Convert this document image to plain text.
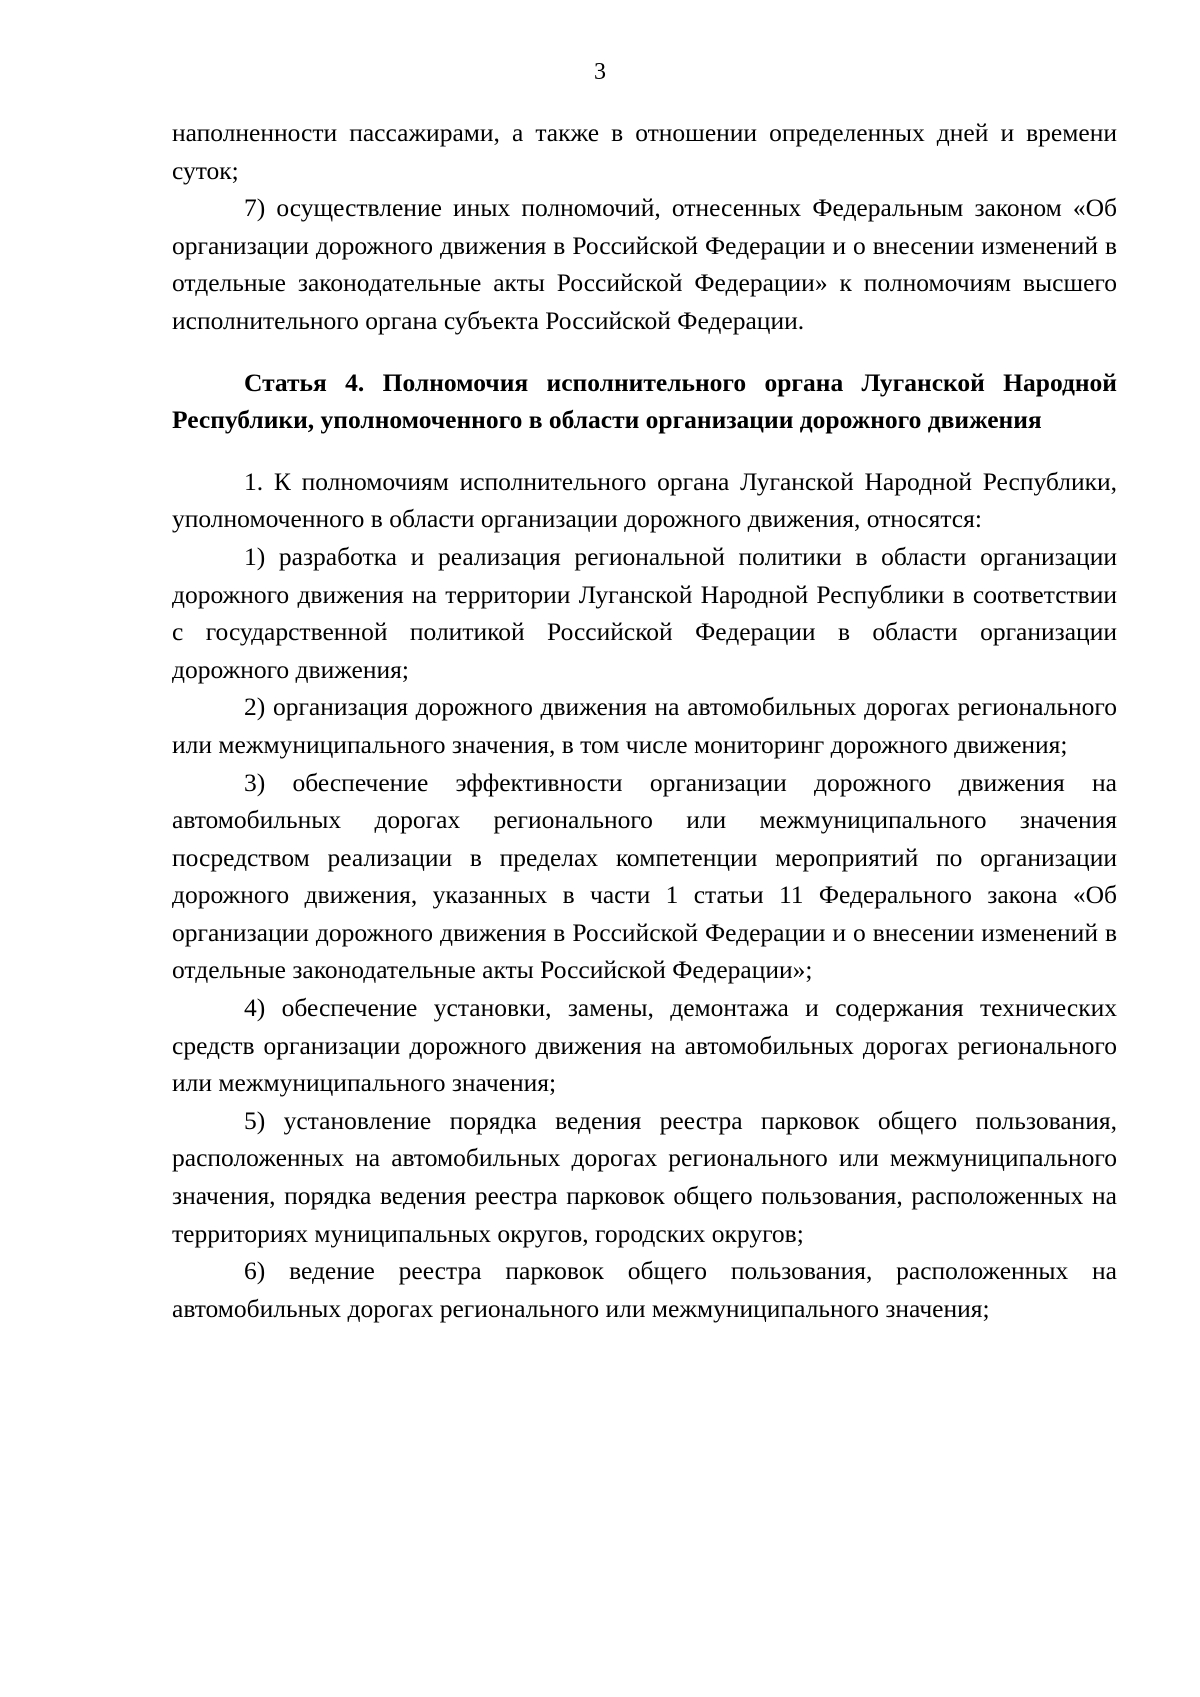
3

наполненности пассажирами, а также в отношении определенных дней и времени суток;

7) осуществление иных полномочий, отнесенных Федеральным законом «Об организации дорожного движения в Российской Федерации и о внесении изменений в отдельные законодательные акты Российской Федерации» к полномочиям высшего исполнительного органа субъекта Российской Федерации.

Статья 4. Полномочия исполнительного органа Луганской Народной Республики, уполномоченного в области организации дорожного движения

1. К полномочиям исполнительного органа Луганской Народной Республики, уполномоченного в области организации дорожного движения, относятся:

1) разработка и реализация региональной политики в области организации дорожного движения на территории Луганской Народной Республики в соответствии с государственной политикой Российской Федерации в области организации дорожного движения;

2) организация дорожного движения на автомобильных дорогах регионального или межмуниципального значения, в том числе мониторинг дорожного движения;

3) обеспечение эффективности организации дорожного движения на автомобильных дорогах регионального или межмуниципального значения посредством реализации в пределах компетенции мероприятий по организации дорожного движения, указанных в части 1 статьи 11 Федерального закона «Об организации дорожного движения в Российской Федерации и о внесении изменений в отдельные законодательные акты Российской Федерации»;

4) обеспечение установки, замены, демонтажа и содержания технических средств организации дорожного движения на автомобильных дорогах регионального или межмуниципального значения;

5) установление порядка ведения реестра парковок общего пользования, расположенных на автомобильных дорогах регионального или межмуниципального значения, порядка ведения реестра парковок общего пользования, расположенных на территориях муниципальных округов, городских округов;

6) ведение реестра парковок общего пользования, расположенных на автомобильных дорогах регионального или межмуниципального значения;
